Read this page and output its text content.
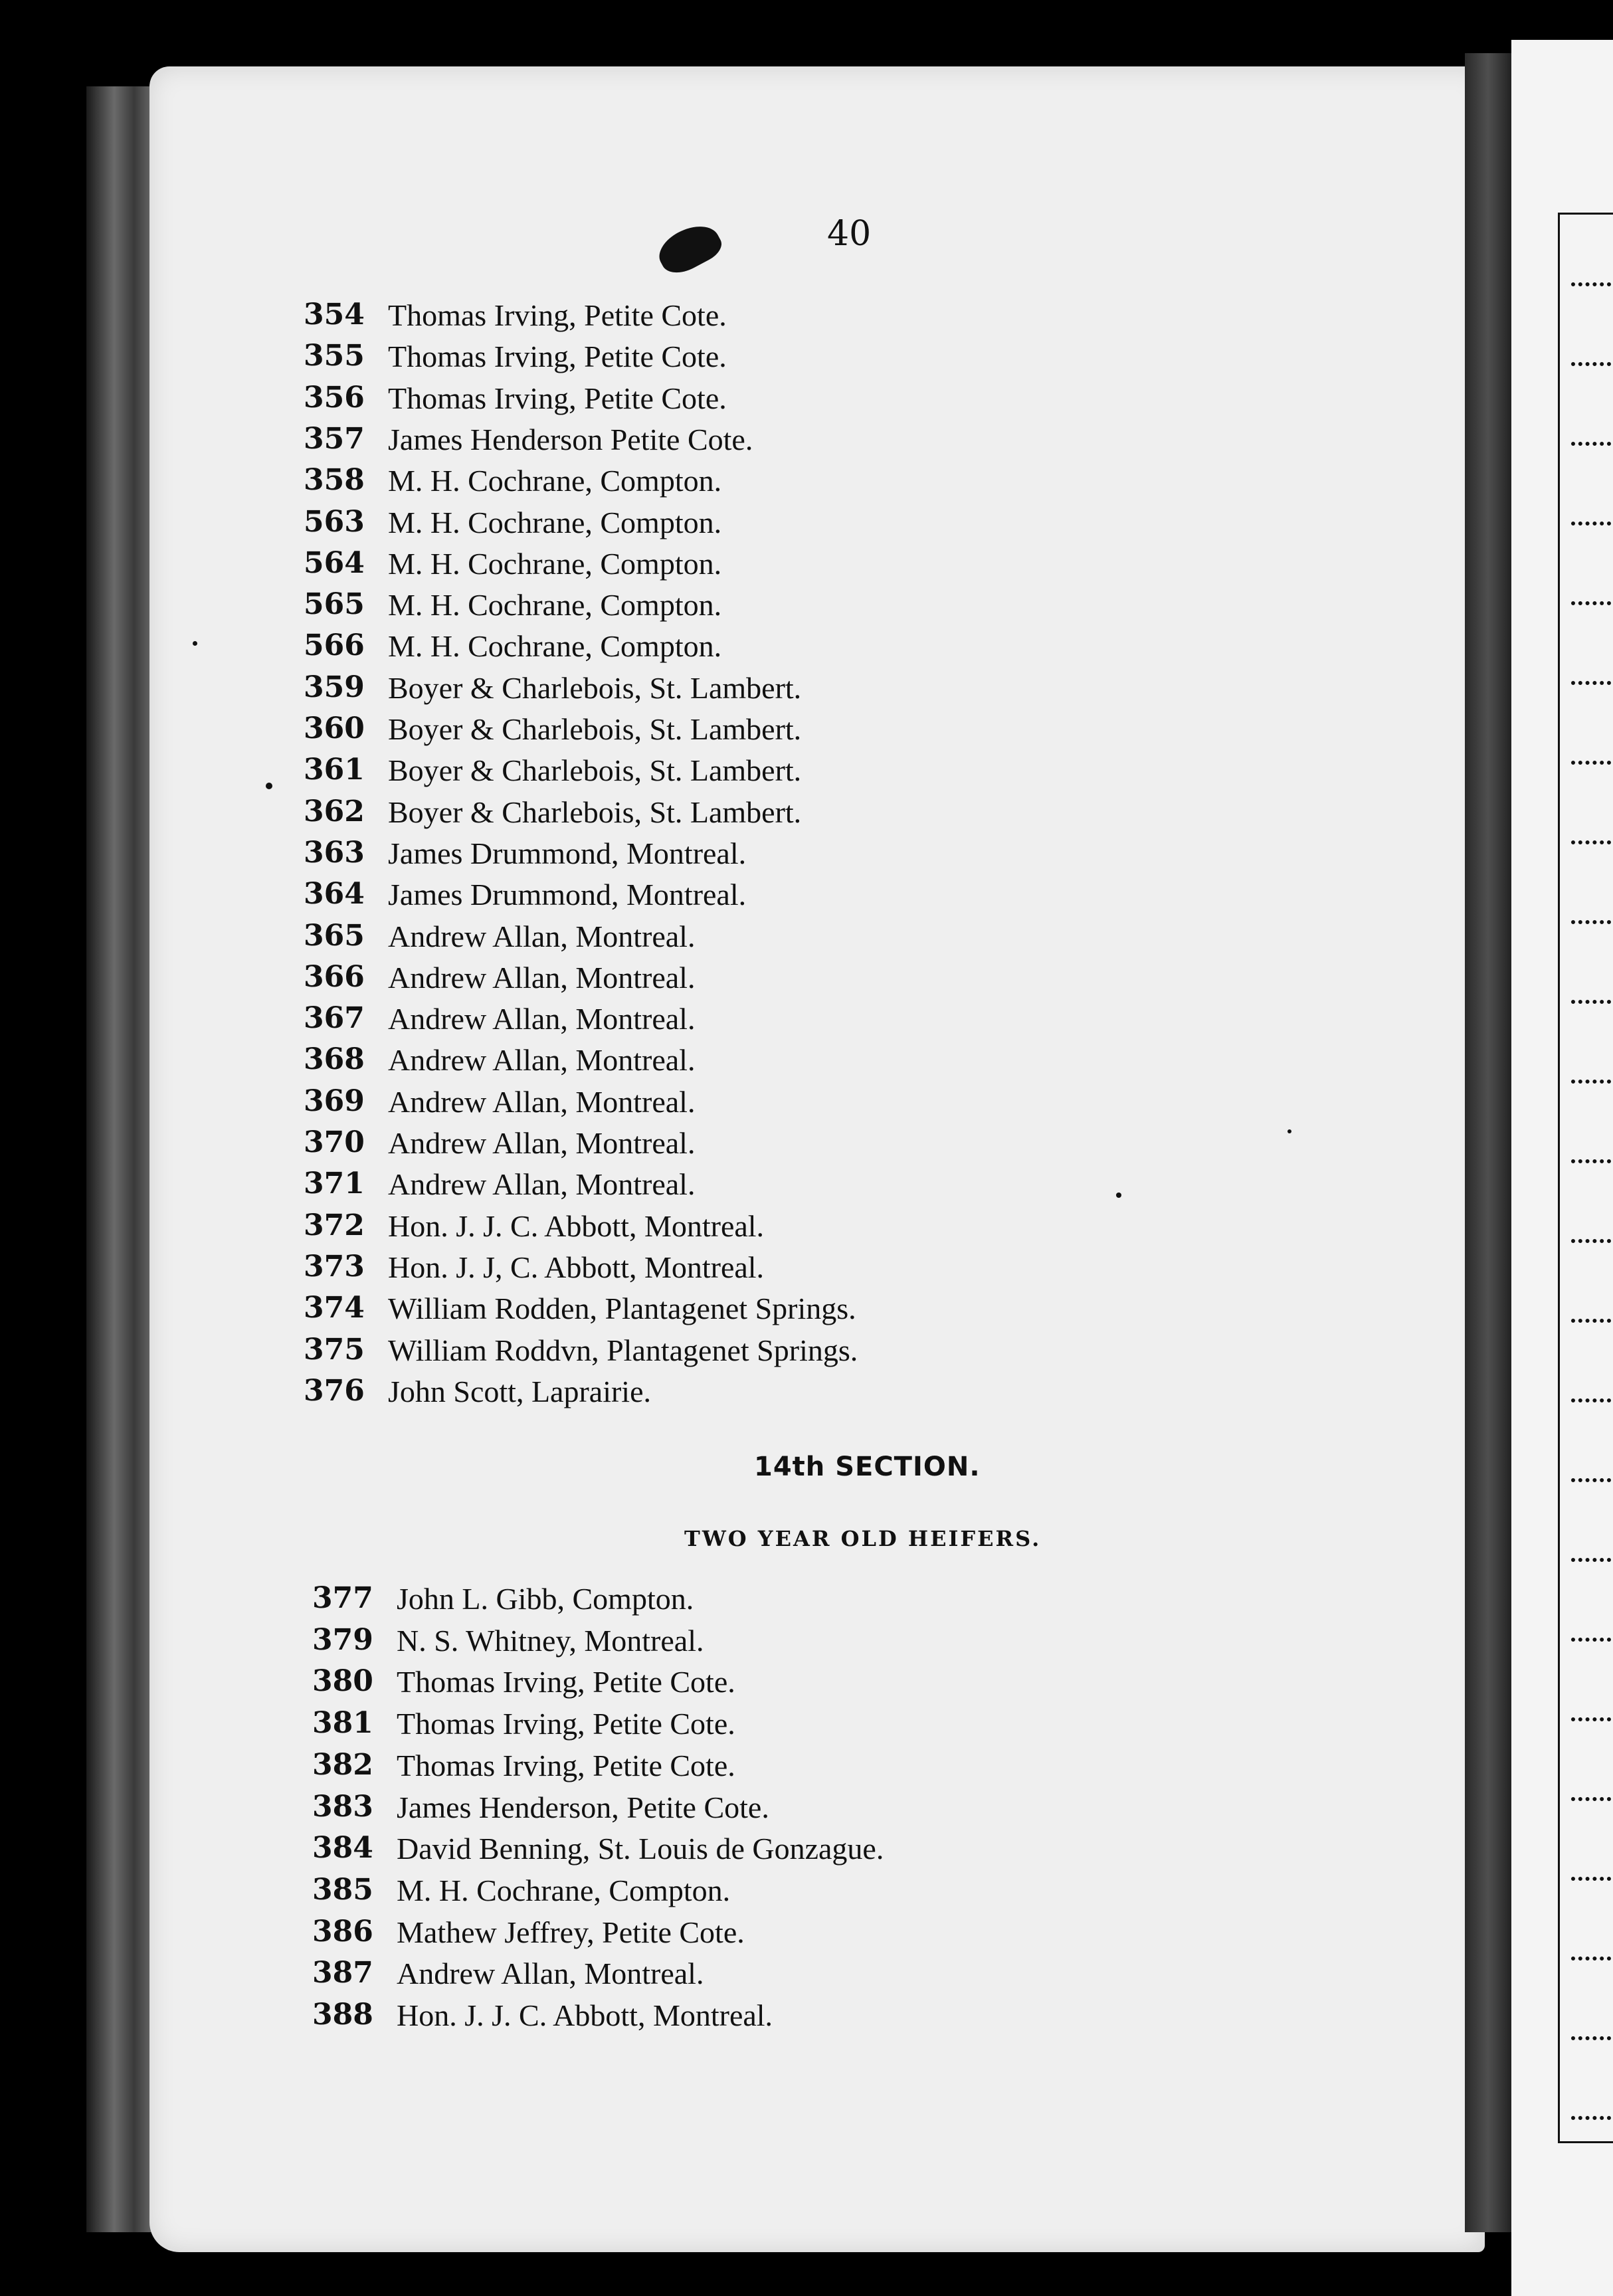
40
354 Thomas Irving, Petite Cote.
355 Thomas Irving, Petite Cote.
356 Thomas Irving, Petite Cote.
357 James Henderson Petite Cote.
358 M. H. Cochrane, Compton.
563 M. H. Cochrane, Compton.
564 M. H. Cochrane, Compton.
565 M. H. Cochrane, Compton.
566 M. H. Cochrane, Compton.
359 Boyer & Charlebois, St. Lambert.
360 Boyer & Charlebois, St. Lambert.
361 Boyer & Charlebois, St. Lambert.
362 Boyer & Charlebois, St. Lambert.
363 James Drummond, Montreal.
364 James Drummond, Montreal.
365 Andrew Allan, Montreal.
366 Andrew Allan, Montreal.
367 Andrew Allan, Montreal.
368 Andrew Allan, Montreal.
369 Andrew Allan, Montreal.
370 Andrew Allan, Montreal.
371 Andrew Allan, Montreal.
372 Hon. J. J. C. Abbott, Montreal.
373 Hon. J. J, C. Abbott, Montreal.
374 William Rodden, Plantagenet Springs.
375 William Roddvn, Plantagenet Springs.
376 John Scott, Laprairie.
14th SECTION.
TWO YEAR OLD HEIFERS.
377 John L. Gibb, Compton.
379 N. S. Whitney, Montreal.
380 Thomas Irving, Petite Cote.
381 Thomas Irving, Petite Cote.
382 Thomas Irving, Petite Cote.
383 James Henderson, Petite Cote.
384 David Benning, St. Louis de Gonzague.
385 M. H. Cochrane, Compton.
386 Mathew Jeffrey, Petite Cote.
387 Andrew Allan, Montreal.
388 Hon. J. J. C. Abbott, Montreal.
